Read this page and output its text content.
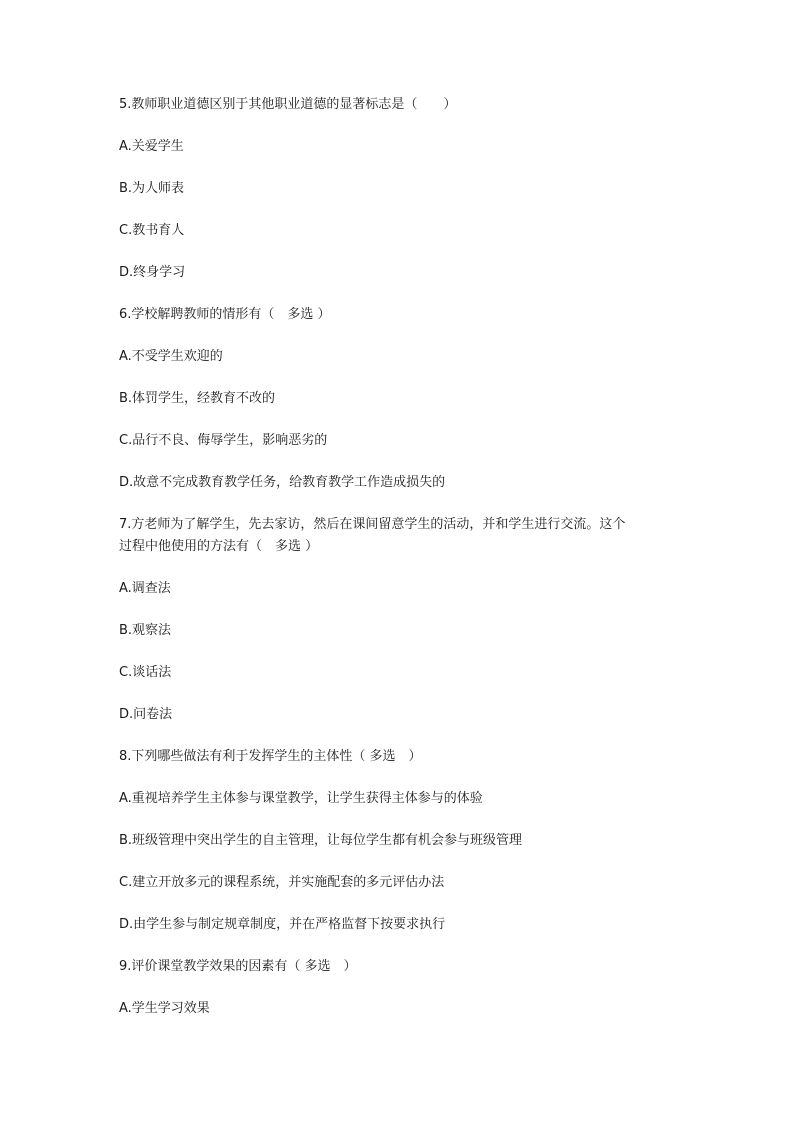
5.教师职业道德区别于其他职业道德的显著标志是（　　）

A.关爱学生

B.为人师表

C.教书育人

D.终身学习

6.学校解聘教师的情形有（　多选 ）

A.不受学生欢迎的

B.体罚学生，经教育不改的

C.品行不良、侮辱学生，影响恶劣的

D.故意不完成教育教学任务，给教育教学工作造成损失的

7.方老师为了解学生，先去家访，然后在课间留意学生的活动，并和学生进行交流。这个

过程中他使用的方法有（　多选 ）

A.调查法

B.观察法

C.谈话法

D.问卷法

8.下列哪些做法有利于发挥学生的主体性（ 多选　）

A.重视培养学生主体参与课堂教学，让学生获得主体参与的体验

B.班级管理中突出学生的自主管理，让每位学生都有机会参与班级管理

C.建立开放多元的课程系统，并实施配套的多元评估办法

D.由学生参与制定规章制度，并在严格监督下按要求执行

9.评价课堂教学效果的因素有（ 多选　）

A.学生学习效果
